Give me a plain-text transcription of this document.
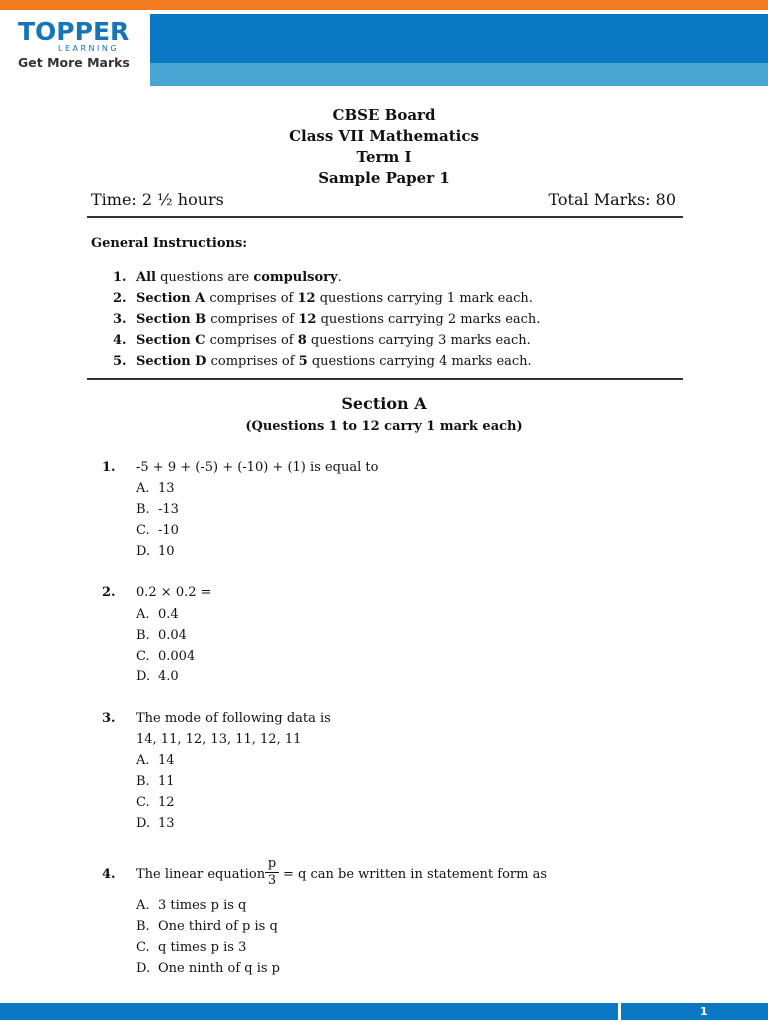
TOPPER
LEARNING
Get More Marks
CBSE Board
Class VII Mathematics
Term I
Sample Paper 1
Time: 2 ½ hours	Total Marks: 80
General Instructions:
1. All questions are compulsory.
2. Section A comprises of 12 questions carrying 1 mark each.
3. Section B comprises of 12 questions carrying 2 marks each.
4. Section C comprises of 8 questions carrying 3 marks each.
5. Section D comprises of 5 questions carrying 4 marks each.
Section A
(Questions 1 to 12 carry 1 mark each)
1. -5 + 9 + (-5) + (-10) + (1) is equal to
A. 13
B. -13
C. -10
D. 10
2. 0.2 × 0.2 =
A. 0.4
B. 0.04
C. 0.004
D. 4.0
3. The mode of following data is
14, 11, 12, 13, 11, 12, 11
A. 14
B. 11
C. 12
D. 13
4. The linear equation
p
3 = q can be written in statement form as
A. 3 times p is q
B. One third of p is q
C. q times p is 3
D. One ninth of q is p
1
